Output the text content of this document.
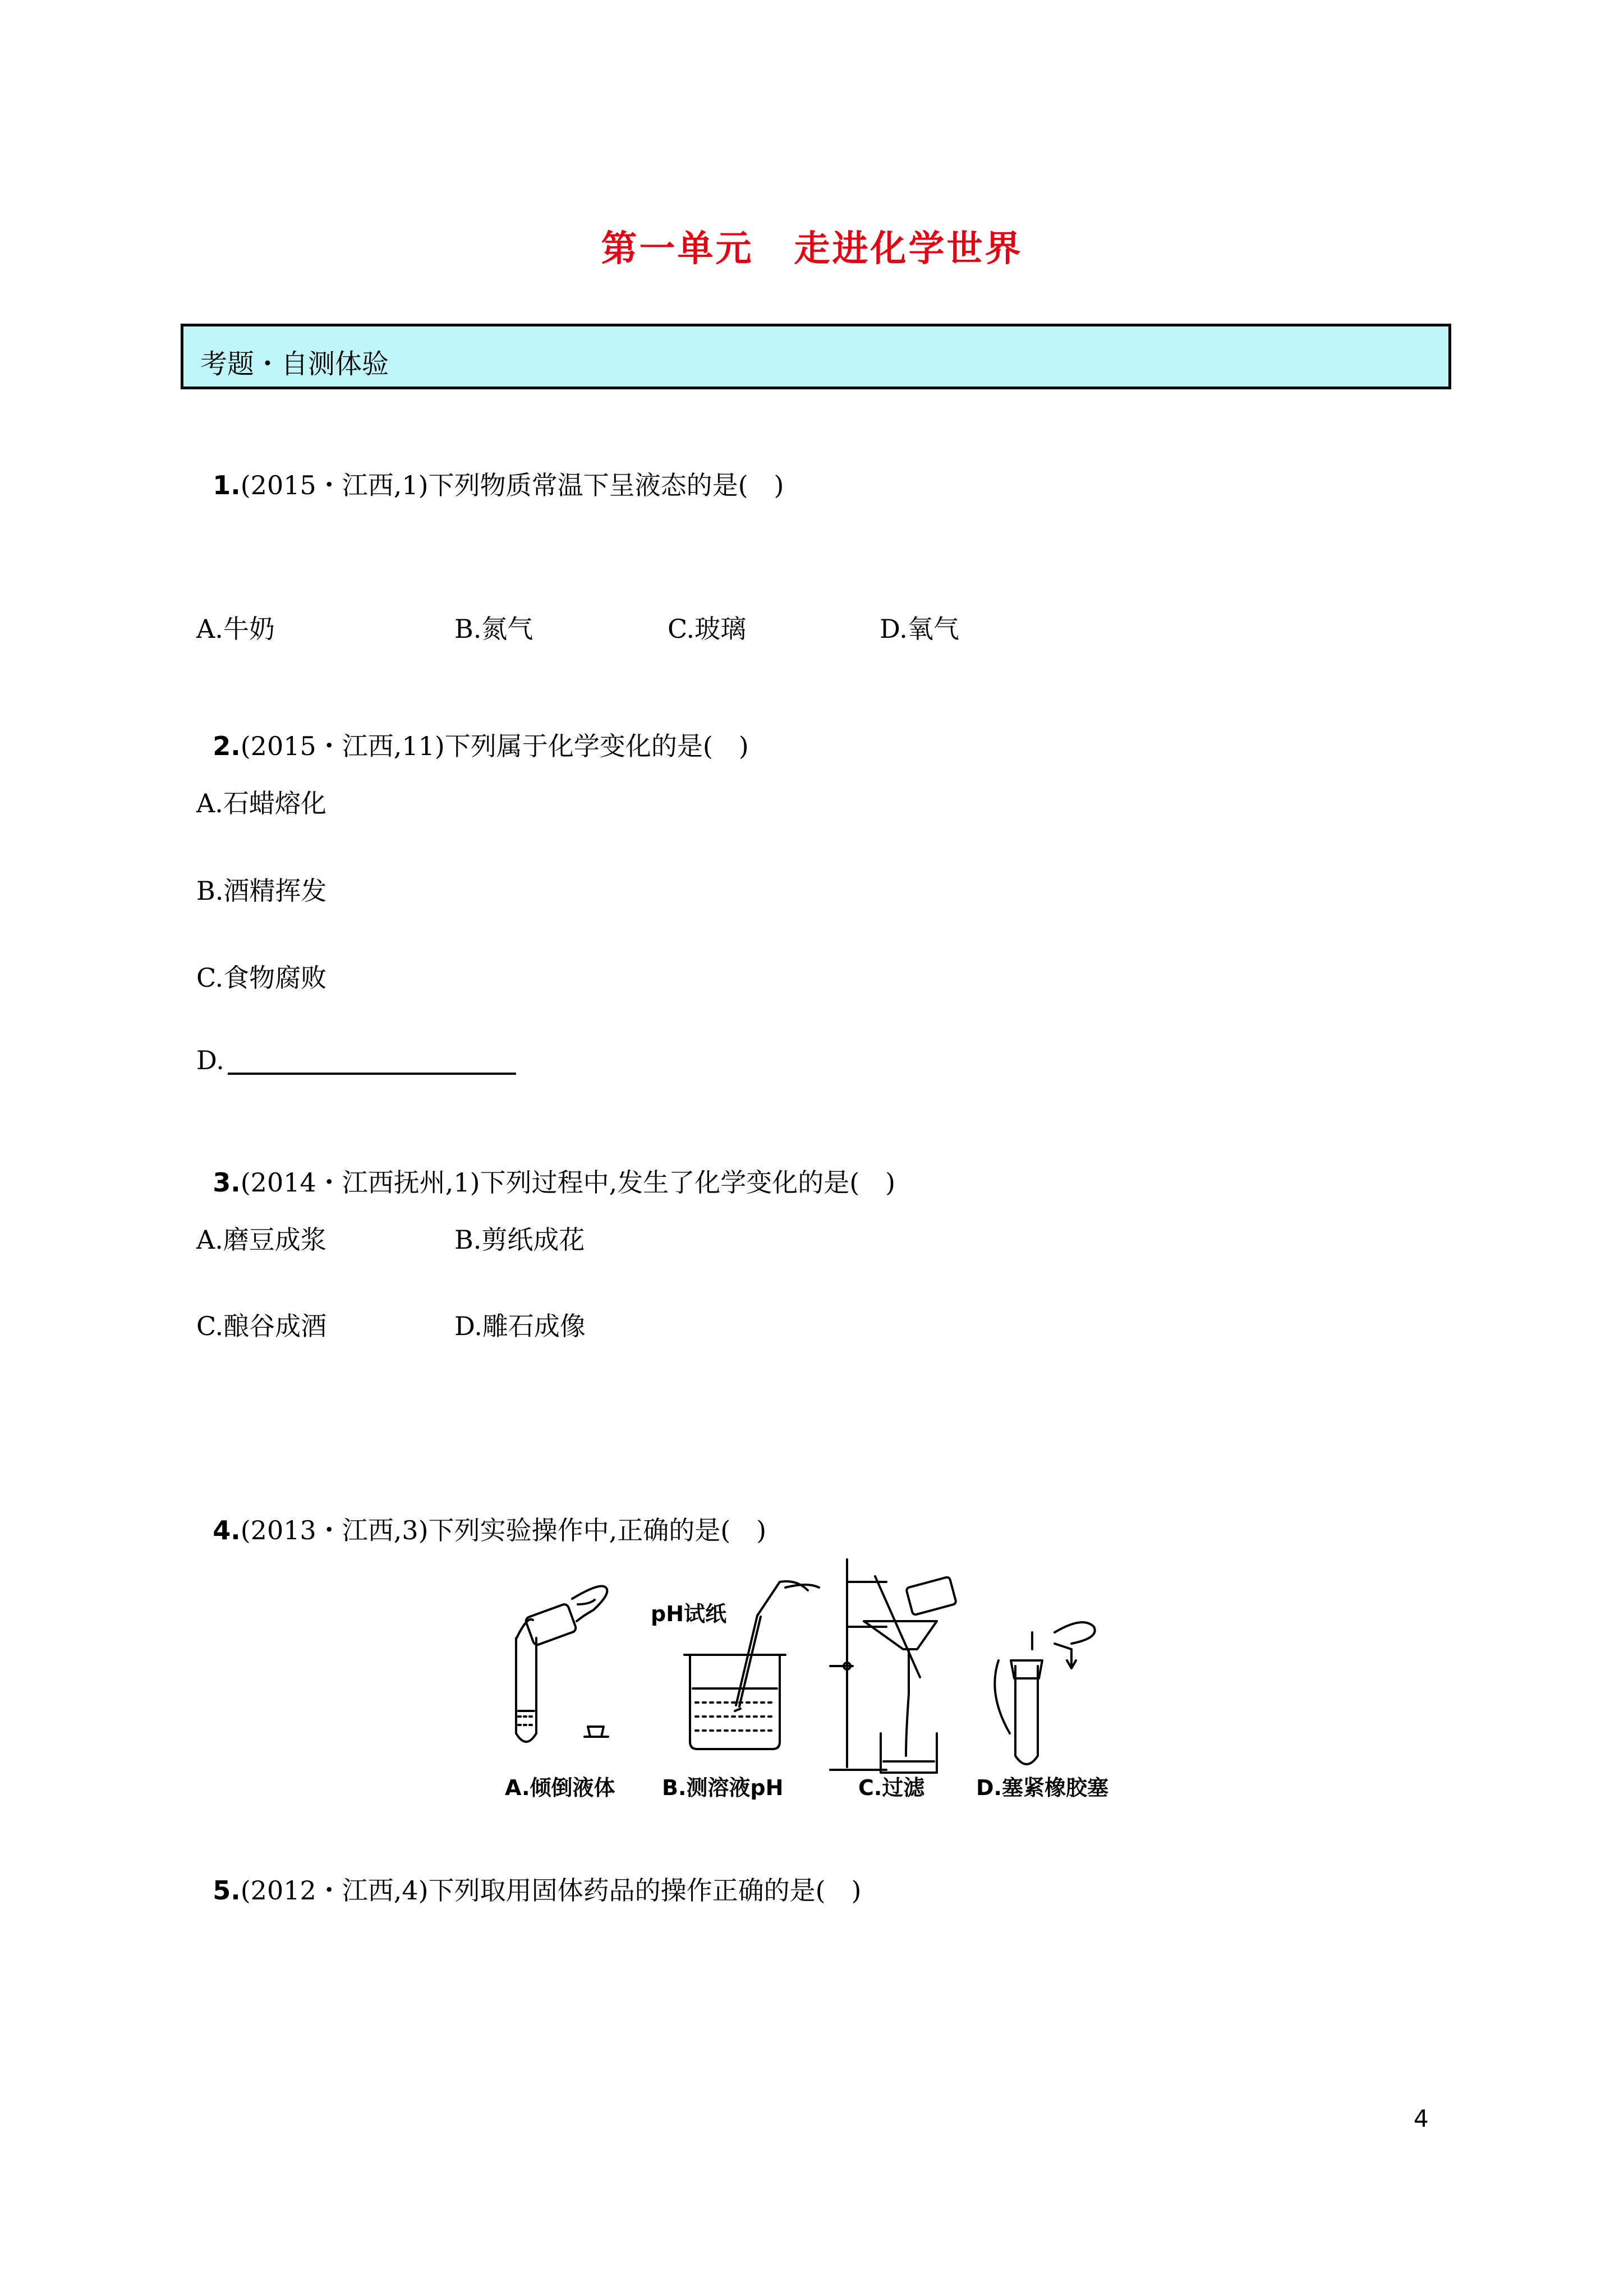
第一单元 走进化学世界
考题・自测体验

1.(2015・江西,1)下列物质常温下呈液态的是(　)

A.牛奶	B.氮气	C.玻璃	D.氧气

2.(2015・江西,11)下列属于化学变化的是(　)

A.石蜡熔化
B.酒精挥发
C.食物腐败
D.

3.(2014・江西抚州,1)下列过程中,发生了化学变化的是(　)

A.磨豆成浆	B.剪纸成花
C.酿谷成酒	D.雕石成像

4.(2013・江西,3)下列实验操作中,正确的是(　)

pH试纸
A.倾倒液体 B.测溶液pH	C.过滤 D.塞紧橡胶塞

5.(2012・江西,4)下列取用固体药品的操作正确的是(　)

4
